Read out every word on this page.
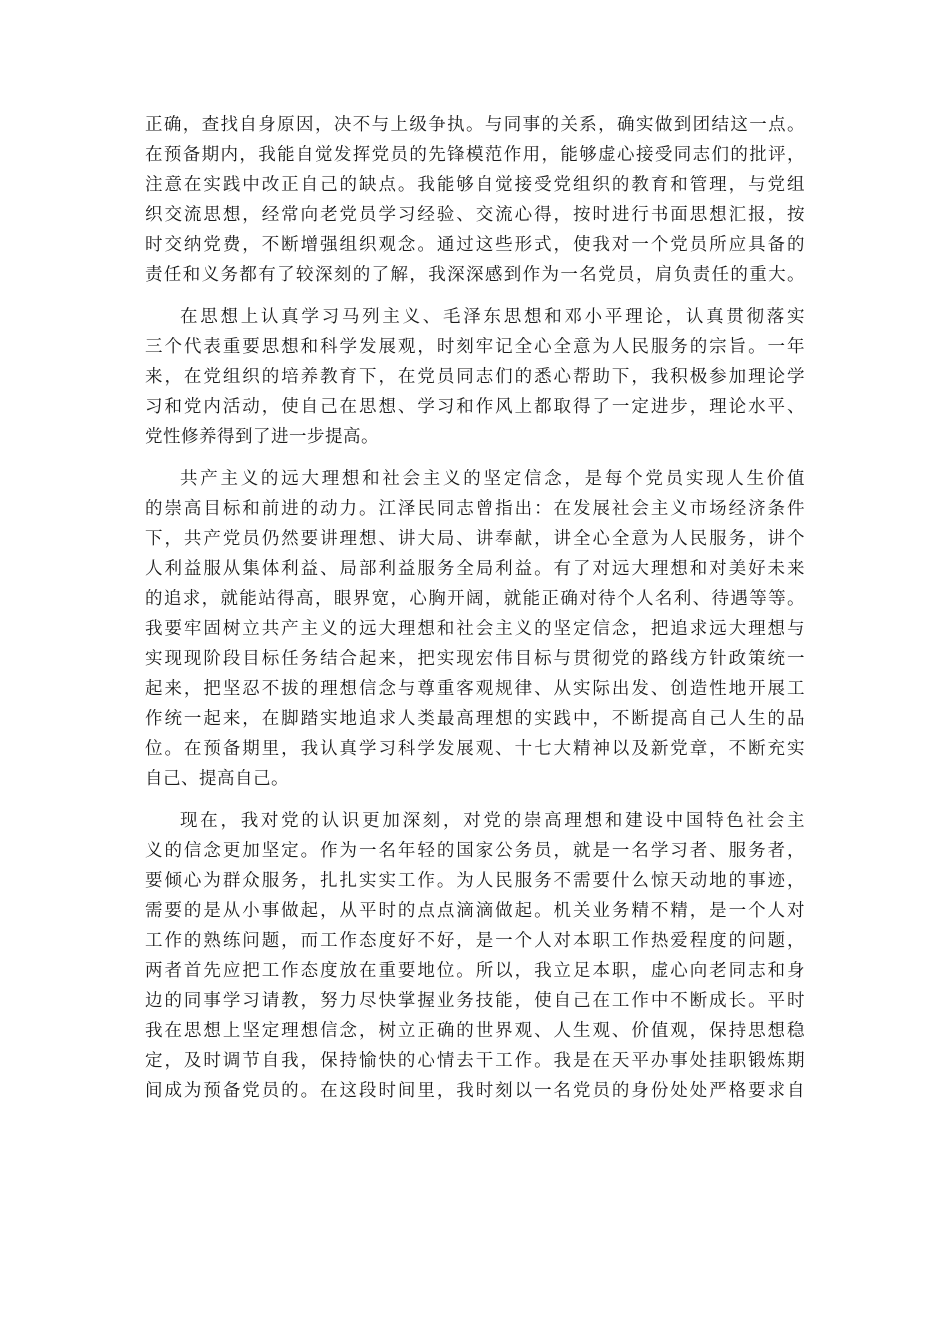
正确，查找自身原因，决不与上级争执。与同事的关系，确实做到团结这一点。
在预备期内，我能自觉发挥党员的先锋模范作用，能够虚心接受同志们的批评，
注意在实践中改正自己的缺点。我能够自觉接受党组织的教育和管理，与党组
织交流思想，经常向老党员学习经验、交流心得，按时进行书面思想汇报，按
时交纳党费，不断增强组织观念。通过这些形式，使我对一个党员所应具备的
责任和义务都有了较深刻的了解，我深深感到作为一名党员，肩负责任的重大。
在思想上认真学习马列主义、毛泽东思想和邓小平理论，认真贯彻落实
三个代表重要思想和科学发展观，时刻牢记全心全意为人民服务的宗旨。一年
来，在党组织的培养教育下，在党员同志们的悉心帮助下，我积极参加理论学
习和党内活动，使自己在思想、学习和作风上都取得了一定进步，理论水平、
党性修养得到了进一步提高。
共产主义的远大理想和社会主义的坚定信念，是每个党员实现人生价值
的崇高目标和前进的动力。江泽民同志曾指出：在发展社会主义市场经济条件
下，共产党员仍然要讲理想、讲大局、讲奉献，讲全心全意为人民服务，讲个
人利益服从集体利益、局部利益服务全局利益。有了对远大理想和对美好未来
的追求，就能站得高，眼界宽，心胸开阔，就能正确对待个人名利、待遇等等。
我要牢固树立共产主义的远大理想和社会主义的坚定信念，把追求远大理想与
实现现阶段目标任务结合起来，把实现宏伟目标与贯彻党的路线方针政策统一
起来，把坚忍不拔的理想信念与尊重客观规律、从实际出发、创造性地开展工
作统一起来，在脚踏实地追求人类最高理想的实践中，不断提高自己人生的品
位。在预备期里，我认真学习科学发展观、十七大精神以及新党章，不断充实
自己、提高自己。
现在，我对党的认识更加深刻，对党的崇高理想和建设中国特色社会主
义的信念更加坚定。作为一名年轻的国家公务员，就是一名学习者、服务者，
要倾心为群众服务，扎扎实实工作。为人民服务不需要什么惊天动地的事迹，
需要的是从小事做起，从平时的点点滴滴做起。机关业务精不精，是一个人对
工作的熟练问题，而工作态度好不好，是一个人对本职工作热爱程度的问题，
两者首先应把工作态度放在重要地位。所以，我立足本职，虚心向老同志和身
边的同事学习请教，努力尽快掌握业务技能，使自己在工作中不断成长。平时
我在思想上坚定理想信念，树立正确的世界观、人生观、价值观，保持思想稳
定，及时调节自我，保持愉快的心情去干工作。我是在天平办事处挂职锻炼期
间成为预备党员的。在这段时间里，我时刻以一名党员的身份处处严格要求自
